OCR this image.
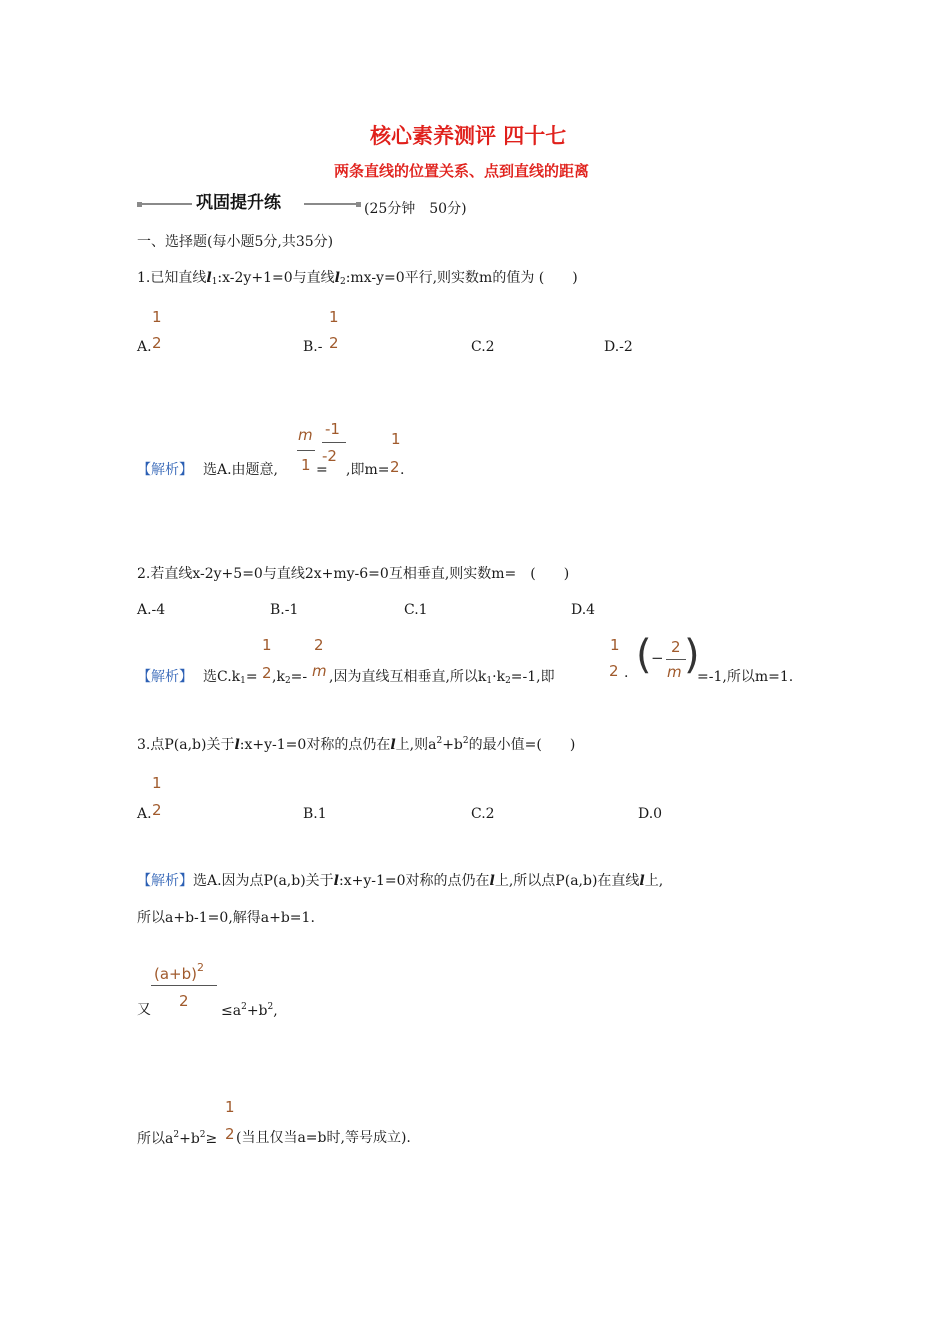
核心素养测评 四十七
两条直线的位置关系、点到直线的距离
巩固提升练	(25分钟　50分)
一、选择题(每小题5分,共35分)
1.已知直线$l_1:x-2y+1=0$与直线$l_2:mx-y=0$平行,则实数m的值为 (　　)
A.
1
2	B.-
1
2	C.2	D.-2
【解析】 选A.由题意,
m
1 =
-1
-2
,即m=
1
2 .
2.若直线x-2y+5=0与直线2x+my-6=0互相垂直,则实数m=　(　　)
A.-4	B.-1	C.1	D.4
【解析】 选$C.k_1=$
1
2 $,k_2=-$
2
m ,因为直线互相垂直,所以$k_1\cdot k_2=-1$,即
1
2 · ( −
2
m )
=-1,所以m=1.
3.点P(a,b)关于l:x+y-1=0对称的点仍在l上,则$a^2+b^2$的最小值=(　　)
A.
1
2	B.1	C.2	D.0
【解析】选A.因为点P(a,b)关于l:x+y-1=0对称的点仍在l上,所以点P(a,b)在直线l上,
所以a+b-1=0,解得a+b=1.
又
$(a+b)^2$
2
$\le a^2+b^2$,
所以$a^2+b^2\ge$
1
2 (当且仅当a=b时,等号成立).
